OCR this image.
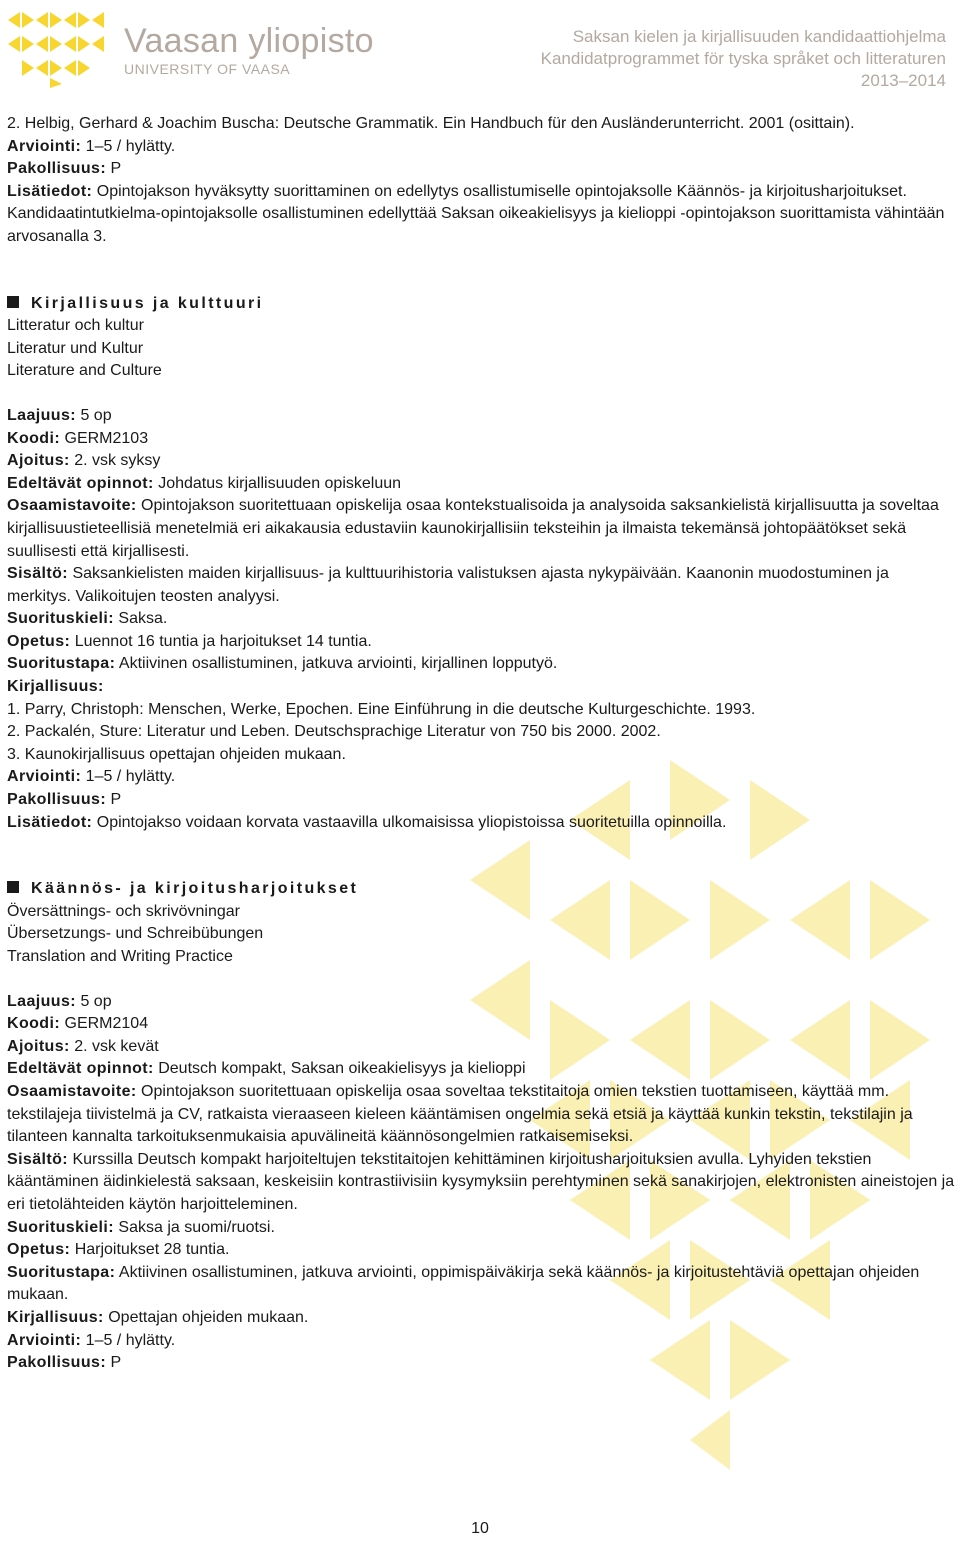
Vaasan yliopisto
UNIVERSITY OF VAASA
Saksan kielen ja kirjallisuuden kandidaattiohjelma
Kandidatprogrammet för tyska språket och litteraturen
2013–2014

2. Helbig, Gerhard & Joachim Buscha: Deutsche Grammatik. Ein Handbuch für den Ausländerunterricht. 2001 (osittain).

Arviointi: 1–5 / hylätty.

Pakollisuus: P

Lisätiedot: Opintojakson hyväksytty suorittaminen on edellytys osallistumiselle opintojaksolle Käännös- ja kirjoitusharjoitukset. Kandidaatintutkielma-opintojaksolle osallistuminen edellyttää Saksan oikeakielisyys ja kielioppi -opintojakson suorittamista vähintään arvosanalla 3.

Kirjallisuus ja kulttuuri

Litteratur och kultur

Literatur und Kultur

Literature and Culture

Laajuus: 5 op

Koodi: GERM2103

Ajoitus: 2. vsk syksy

Edeltävät opinnot: Johdatus kirjallisuuden opiskeluun

Osaamistavoite: Opintojakson suoritettuaan opiskelija osaa kontekstualisoida ja analysoida saksankielistä kirjallisuutta ja soveltaa kirjallisuustieteellisiä menetelmiä eri aikakausia edustaviin kaunokirjallisiin teksteihin ja ilmaista tekemänsä johtopäätökset sekä suullisesti että kirjallisesti.

Sisältö: Saksankielisten maiden kirjallisuus- ja kulttuurihistoria valistuksen ajasta nykypäivään. Kaanonin muodostuminen ja merkitys. Valikoitujen teosten analyysi.

Suorituskieli: Saksa.

Opetus: Luennot 16 tuntia ja harjoitukset 14 tuntia.

Suoritustapa: Aktiivinen osallistuminen, jatkuva arviointi, kirjallinen lopputyö.

Kirjallisuus:

1. Parry, Christoph: Menschen, Werke, Epochen. Eine Einführung in die deutsche Kulturgeschichte. 1993.

2. Packalén, Sture: Literatur und Leben. Deutschsprachige Literatur von 750 bis 2000. 2002.

3. Kaunokirjallisuus opettajan ohjeiden mukaan.

Arviointi: 1–5 / hylätty.

Pakollisuus: P

Lisätiedot: Opintojakso voidaan korvata vastaavilla ulkomaisissa yliopistoissa suoritetuilla opinnoilla.

Käännös- ja kirjoitusharjoitukset

Översättnings- och skrivövningar

Übersetzungs- und Schreibübungen

Translation and Writing Practice

Laajuus: 5 op

Koodi: GERM2104

Ajoitus: 2. vsk kevät

Edeltävät opinnot: Deutsch kompakt, Saksan oikeakielisyys ja kielioppi

Osaamistavoite: Opintojakson suoritettuaan opiskelija osaa soveltaa tekstitaitoja omien tekstien tuottamiseen, käyttää mm. tekstilajeja tiivistelmä ja CV, ratkaista vieraaseen kieleen kääntämisen ongelmia sekä etsiä ja käyttää kunkin tekstin, tekstilajin ja tilanteen kannalta tarkoituksenmukaisia apuvälineitä käännösongelmien ratkaisemiseksi.

Sisältö: Kurssilla Deutsch kompakt harjoiteltujen tekstitaitojen kehittäminen kirjoitusharjoituksien avulla. Lyhyiden tekstien kääntäminen äidinkielestä saksaan, keskeisiin kontrastiivisiin kysymyksiin perehtyminen sekä sanakirjojen, elektronisten aineistojen ja eri tietolähteiden käytön harjoitteleminen.

Suorituskieli: Saksa ja suomi/ruotsi.

Opetus: Harjoitukset 28 tuntia.

Suoritustapa: Aktiivinen osallistuminen, jatkuva arviointi, oppimispäiväkirja sekä käännös- ja kirjoitustehtäviä opettajan ohjeiden mukaan.

Kirjallisuus: Opettajan ohjeiden mukaan.

Arviointi: 1–5 / hylätty.

Pakollisuus: P

10
